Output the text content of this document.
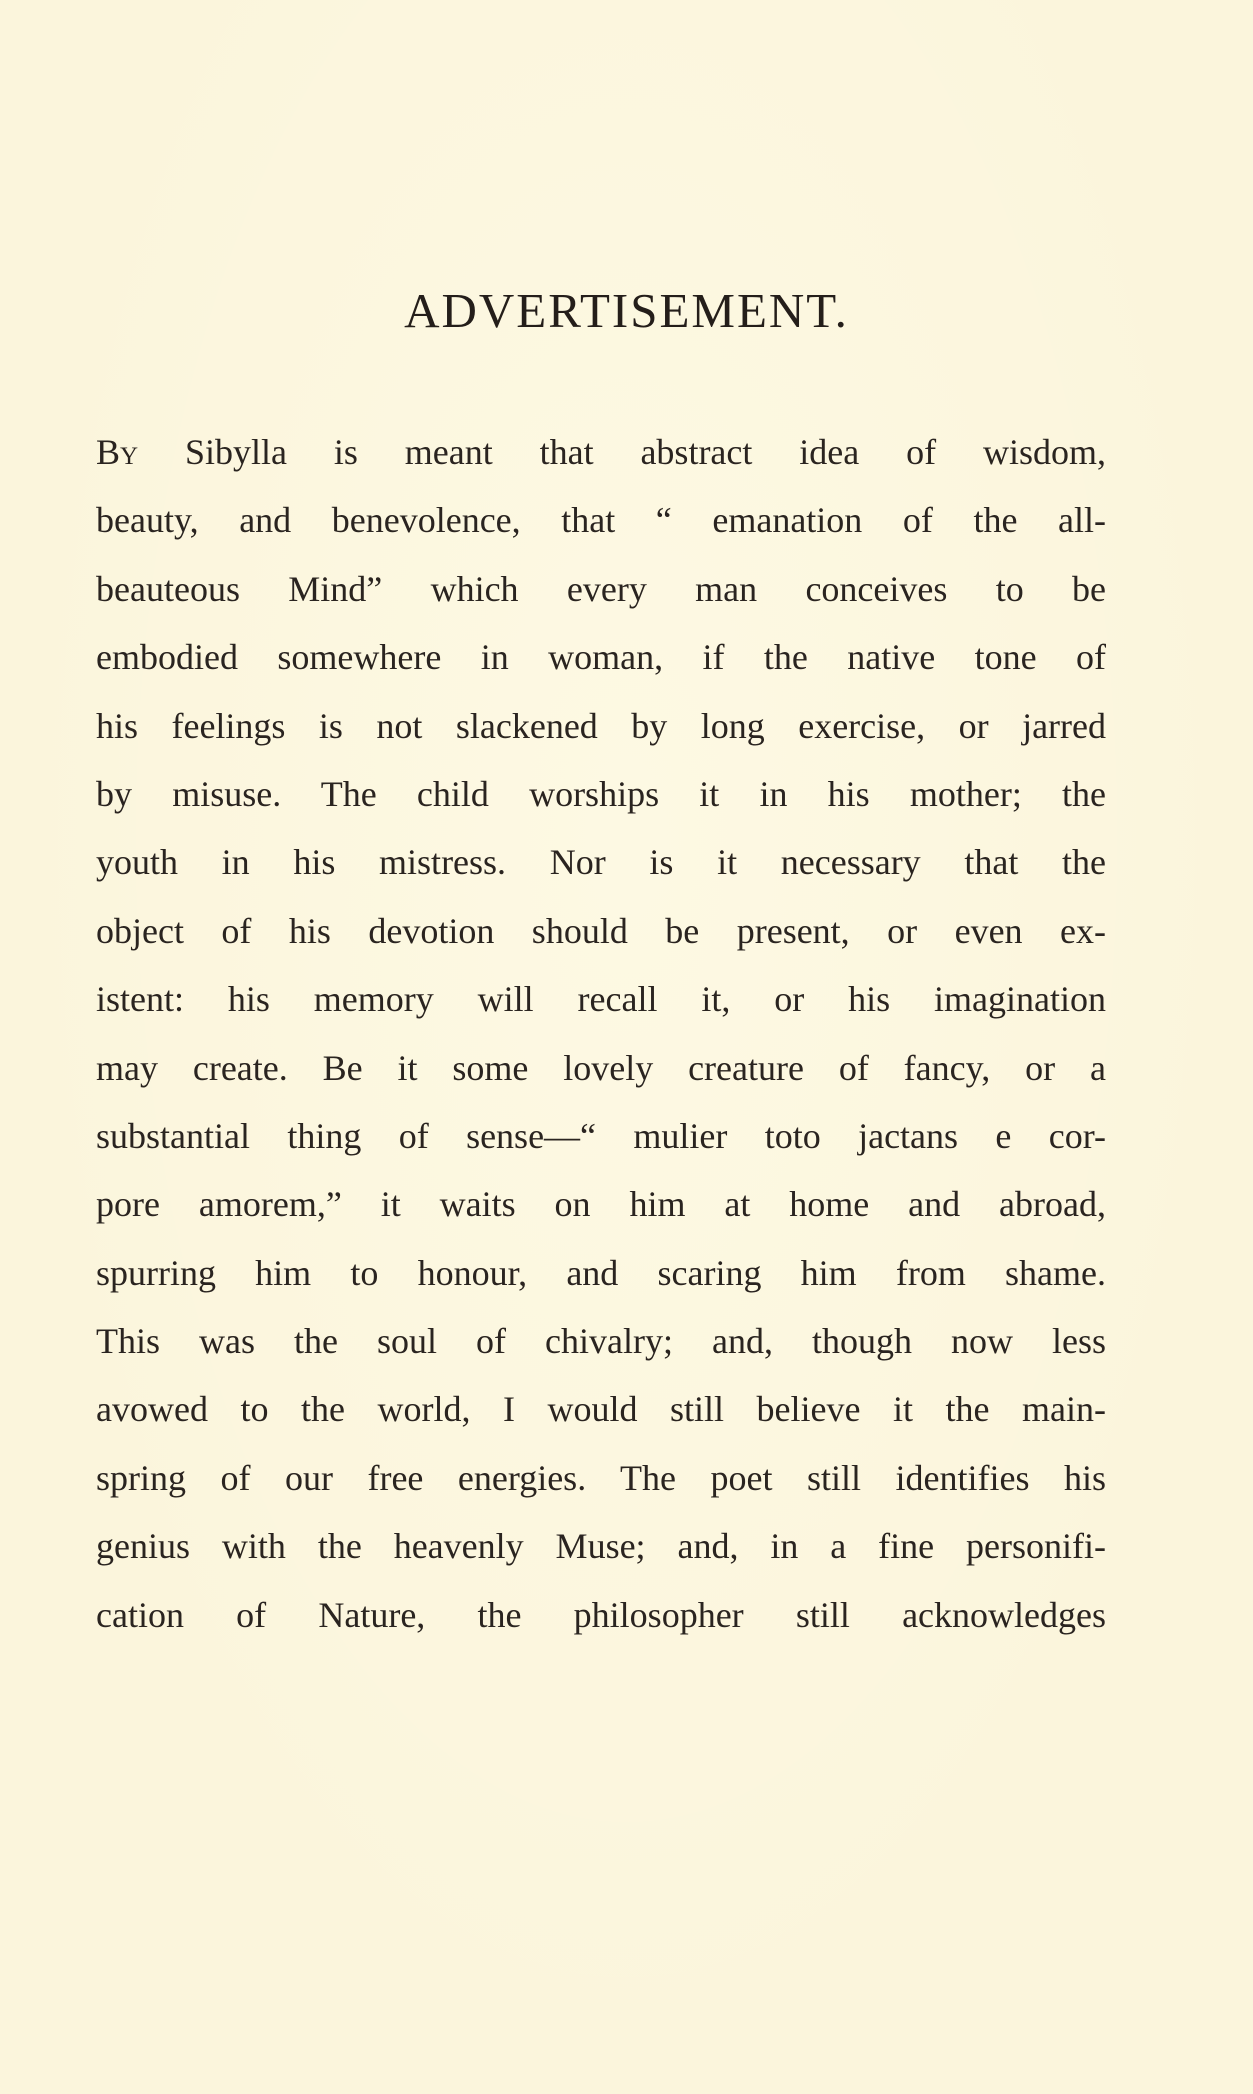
ADVERTISEMENT.
By Sibylla is meant that abstract idea of wisdom,
beauty, and benevolence, that “ emanation of the all-
beauteous Mind” which every man conceives to be
embodied somewhere in woman, if the native tone of
his feelings is not slackened by long exercise, or jarred
by misuse. The child worships it in his mother; the
youth in his mistress. Nor is it necessary that the
object of his devotion should be present, or even ex-
istent: his memory will recall it, or his imagination
may create. Be it some lovely creature of fancy, or a
substantial thing of sense—“ mulier toto jactans e cor-
pore amorem,” it waits on him at home and abroad,
spurring him to honour, and scaring him from shame.
This was the soul of chivalry; and, though now less
avowed to the world, I would still believe it the main-
spring of our free energies. The poet still identifies his
genius with the heavenly Muse; and, in a fine personifi-
cation of Nature, the philosopher still acknowledges
